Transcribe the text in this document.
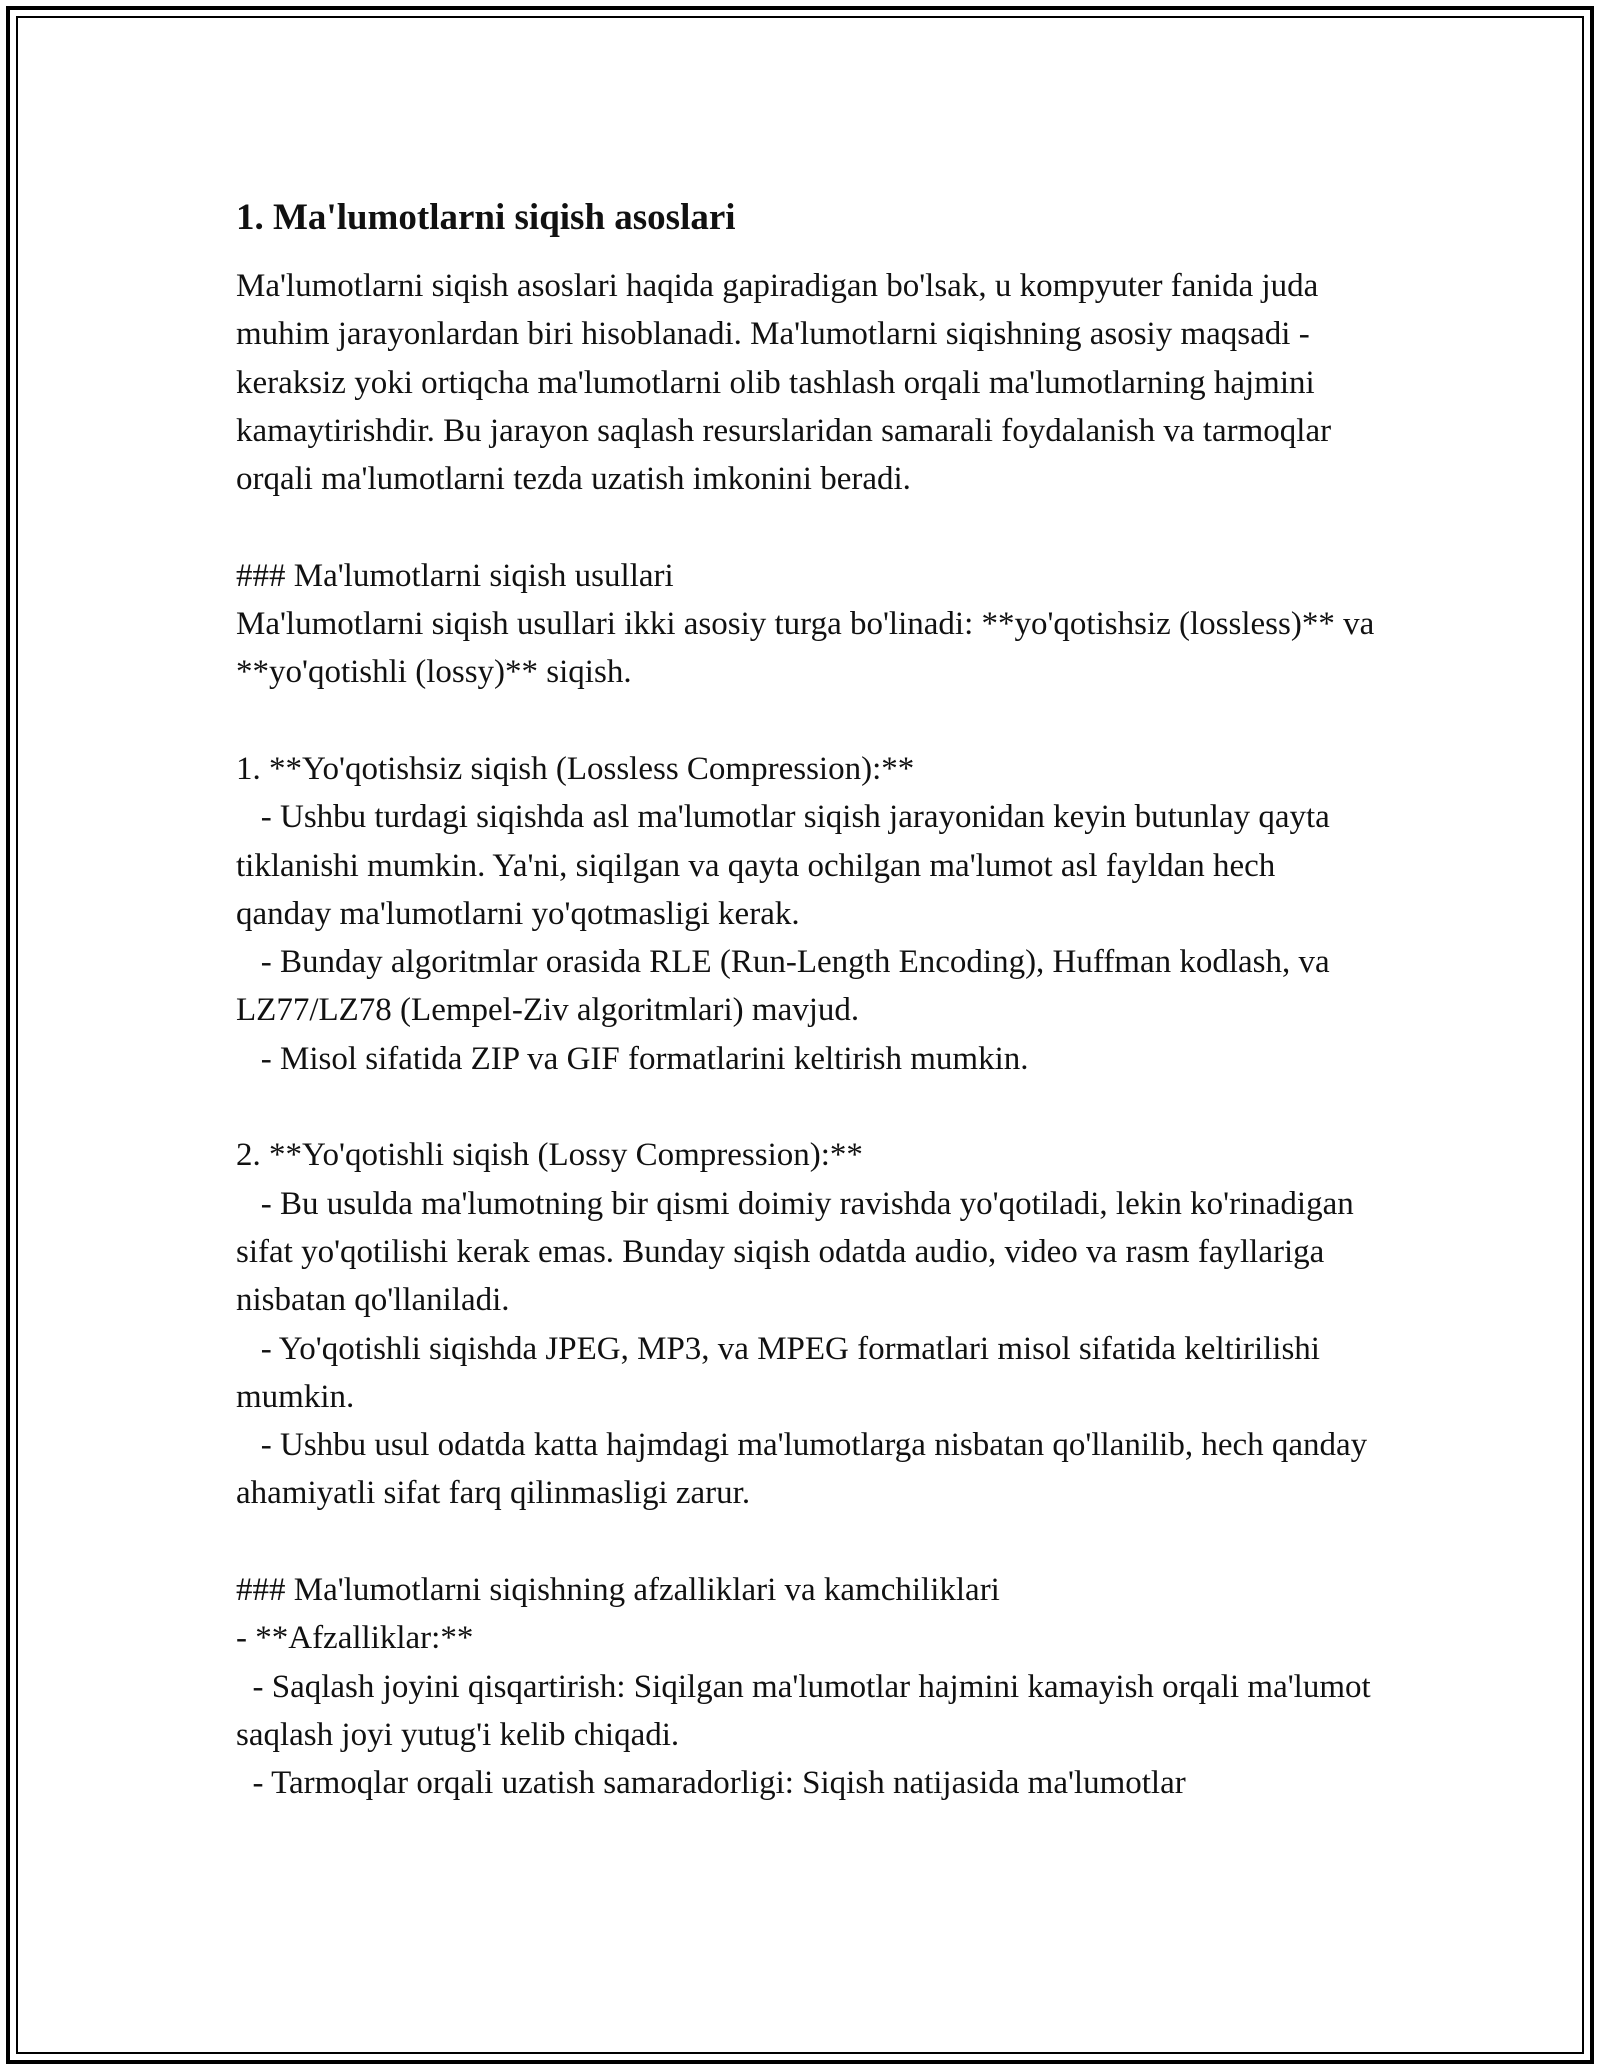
1. Ma'lumotlarni siqish asoslari

Ma'lumotlarni siqish asoslari haqida gapiradigan bo'lsak, u kompyuter fanida juda muhim jarayonlardan biri hisoblanadi. Ma'lumotlarni siqishning asosiy maqsadi - keraksiz yoki ortiqcha ma'lumotlarni olib tashlash orqali ma'lumotlarning hajmini kamaytirishdir. Bu jarayon saqlash resurslaridan samarali foydalanish va tarmoqlar orqali ma'lumotlarni tezda uzatish imkonini beradi.

### Ma'lumotlarni siqish usullari

Ma'lumotlarni siqish usullari ikki asosiy turga bo'linadi: **yo'qotishsiz (lossless)** va **yo'qotishli (lossy)** siqish.

1. **Yo'qotishsiz siqish (Lossless Compression):**

- Ushbu turdagi siqishda asl ma'lumotlar siqish jarayonidan keyin butunlay qayta tiklanishi mumkin. Ya'ni, siqilgan va qayta ochilgan ma'lumot asl fayldan hech qanday ma'lumotlarni yo'qotmasligi kerak.

- Bunday algoritmlar orasida RLE (Run-Length Encoding), Huffman kodlash, va LZ77/LZ78 (Lempel-Ziv algoritmlari) mavjud.

- Misol sifatida ZIP va GIF formatlarini keltirish mumkin.

2. **Yo'qotishli siqish (Lossy Compression):**

- Bu usulda ma'lumotning bir qismi doimiy ravishda yo'qotiladi, lekin ko'rinadigan sifat yo'qotilishi kerak emas. Bunday siqish odatda audio, video va rasm fayllariga nisbatan qo'llaniladi.

- Yo'qotishli siqishda JPEG, MP3, va MPEG formatlari misol sifatida keltirilishi mumkin.

- Ushbu usul odatda katta hajmdagi ma'lumotlarga nisbatan qo'llanilib, hech qanday ahamiyatli sifat farq qilinmasligi zarur.

### Ma'lumotlarni siqishning afzalliklari va kamchiliklari

- **Afzalliklar:**

- Saqlash joyini qisqartirish: Siqilgan ma'lumotlar hajmini kamayish orqali ma'lumot saqlash joyi yutug'i kelib chiqadi.

- Tarmoqlar orqali uzatish samaradorligi: Siqish natijasida ma'lumotlar
